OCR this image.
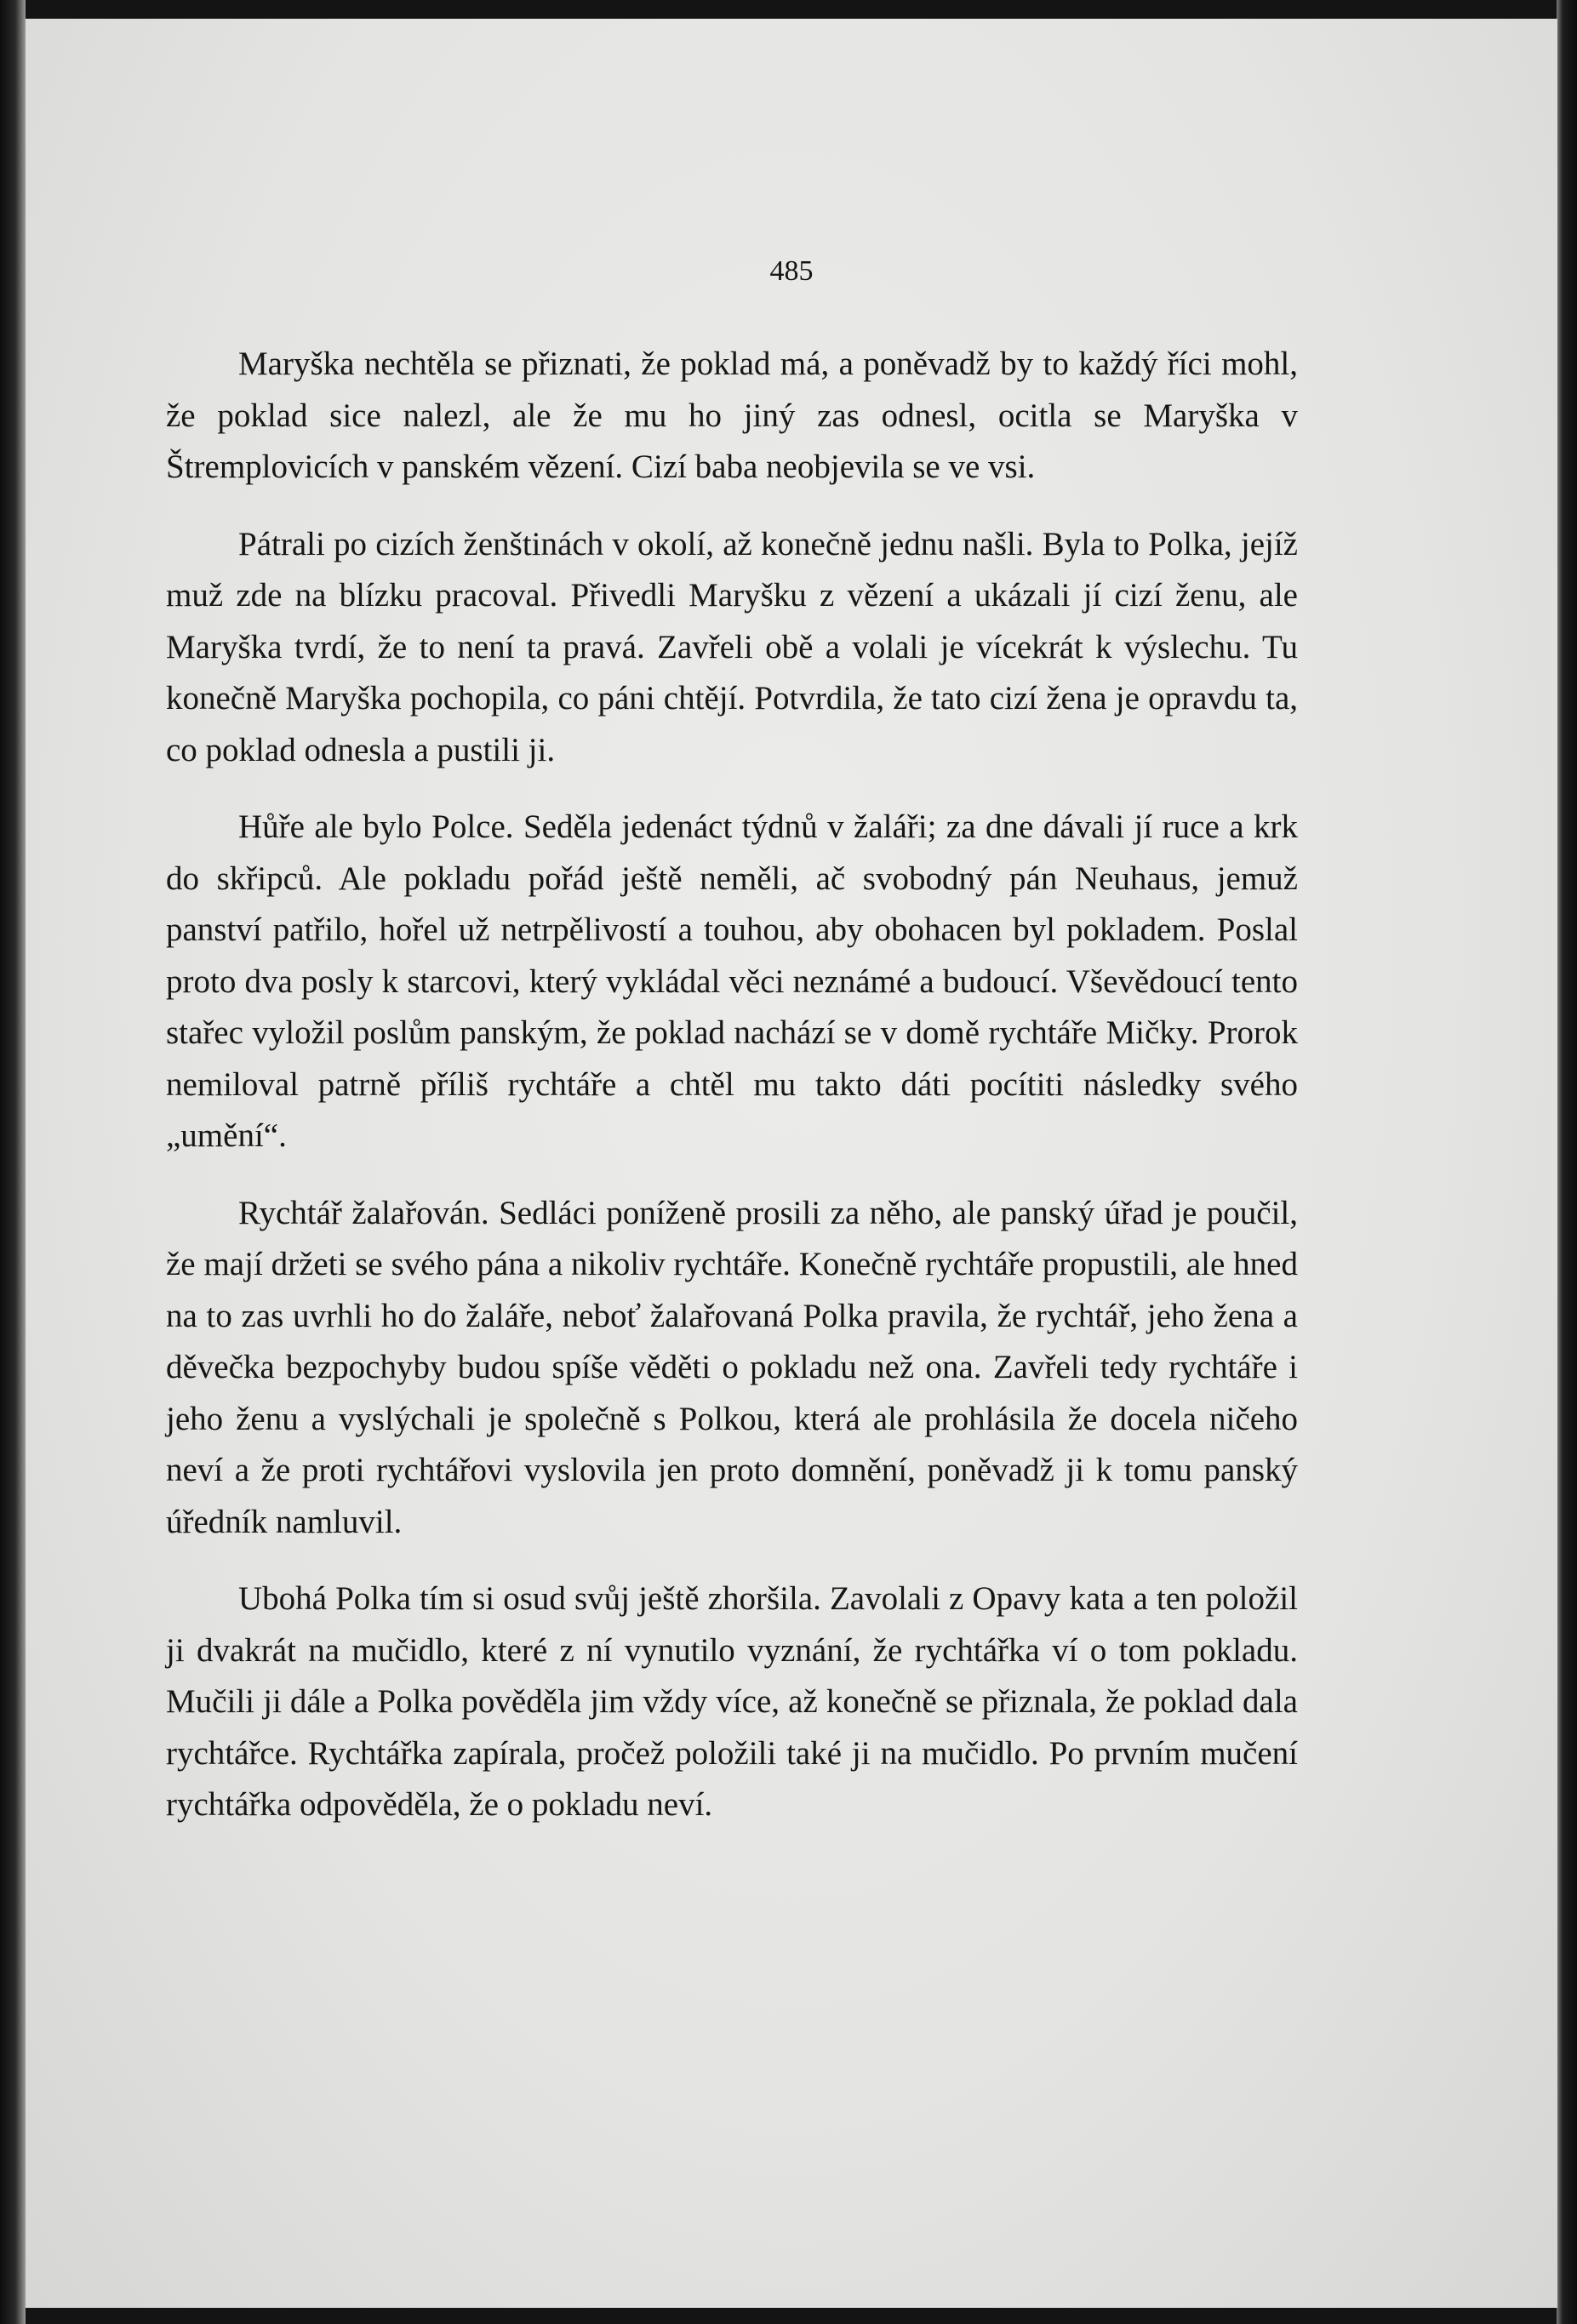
485

Maryška nechtěla se přiznati, že poklad má, a poněvadž by to každý říci mohl, že poklad sice nalezl, ale že mu ho jiný zas odnesl, ocitla se Maryška v Štremplovicích v panském vězení. Cizí baba neobjevila se ve vsi.

Pátrali po cizích ženštinách v okolí, až konečně jednu našli. Byla to Polka, jejíž muž zde na blízku pracoval. Přivedli Maryšku z vězení a ukázali jí cizí ženu, ale Maryška tvrdí, že to není ta pravá. Zavřeli obě a volali je vícekrát k výslechu. Tu konečně Maryška pochopila, co páni chtějí. Potvrdila, že tato cizí žena je opravdu ta, co poklad odnesla a pustili ji.

Hůře ale bylo Polce. Seděla jedenáct týdnů v žaláři; za dne dávali jí ruce a krk do skřipců. Ale pokladu pořád ještě neměli, ač svobodný pán Neuhaus, jemuž panství patřilo, hořel už netrpělivostí a touhou, aby obohacen byl pokladem. Poslal proto dva posly k starcovi, který vykládal věci neznámé a budoucí. Vševědoucí tento stařec vyložil poslům panským, že poklad nachází se v domě rychtáře Mičky. Prorok nemiloval patrně příliš rychtáře a chtěl mu takto dáti pocítiti následky svého „umění“.

Rychtář žalařován. Sedláci poníženě prosili za něho, ale panský úřad je poučil, že mají držeti se svého pána a nikoliv rychtáře. Konečně rychtáře propustili, ale hned na to zas uvrhli ho do žaláře, neboť žalařovaná Polka pravila, že rychtář, jeho žena a děvečka bezpochyby budou spíše věděti o pokladu než ona. Zavřeli tedy rychtáře i jeho ženu a vyslýchali je společně s Polkou, která ale prohlásila že docela ničeho neví a že proti rychtářovi vyslovila jen proto domnění, poněvadž ji k tomu panský úředník namluvil.

Ubohá Polka tím si osud svůj ještě zhoršila. Zavolali z Opavy kata a ten položil ji dvakrát na mučidlo, které z ní vynutilo vyznání, že rychtářka ví o tom pokladu. Mučili ji dále a Polka pověděla jim vždy více, až konečně se přiznala, že poklad dala rychtářce. Rychtářka zapírala, pročež položili také ji na mučidlo. Po prvním mučení rychtářka odpověděla, že o pokladu neví.
